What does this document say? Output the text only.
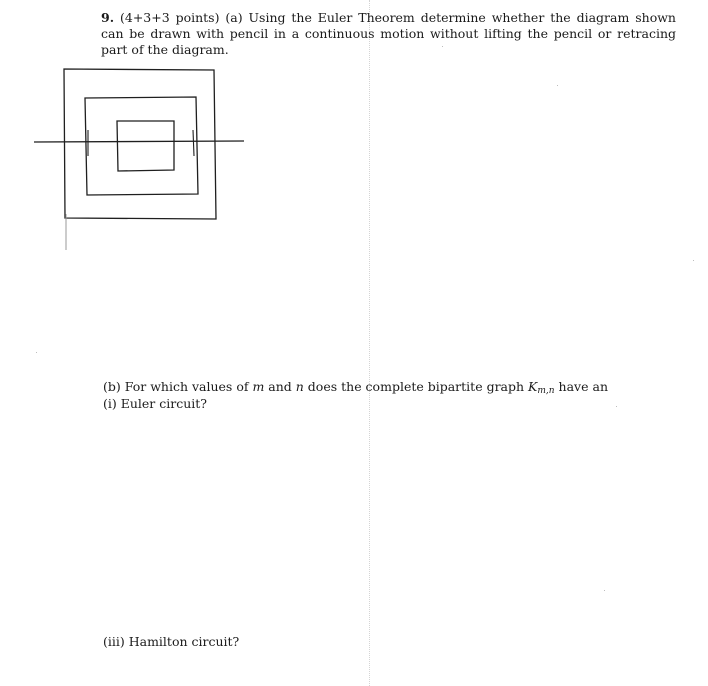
9. (4+3+3 points) (a) Using the Euler Theorem determine whether the diagram shown can be drawn with pencil in a continuous motion without lifting the pencil or retracing part of the diagram.
(b) For which values of m and n does the complete bipartite graph $K_{m,n}$ have an
(i) Euler circuit?
(iii) Hamilton circuit?
